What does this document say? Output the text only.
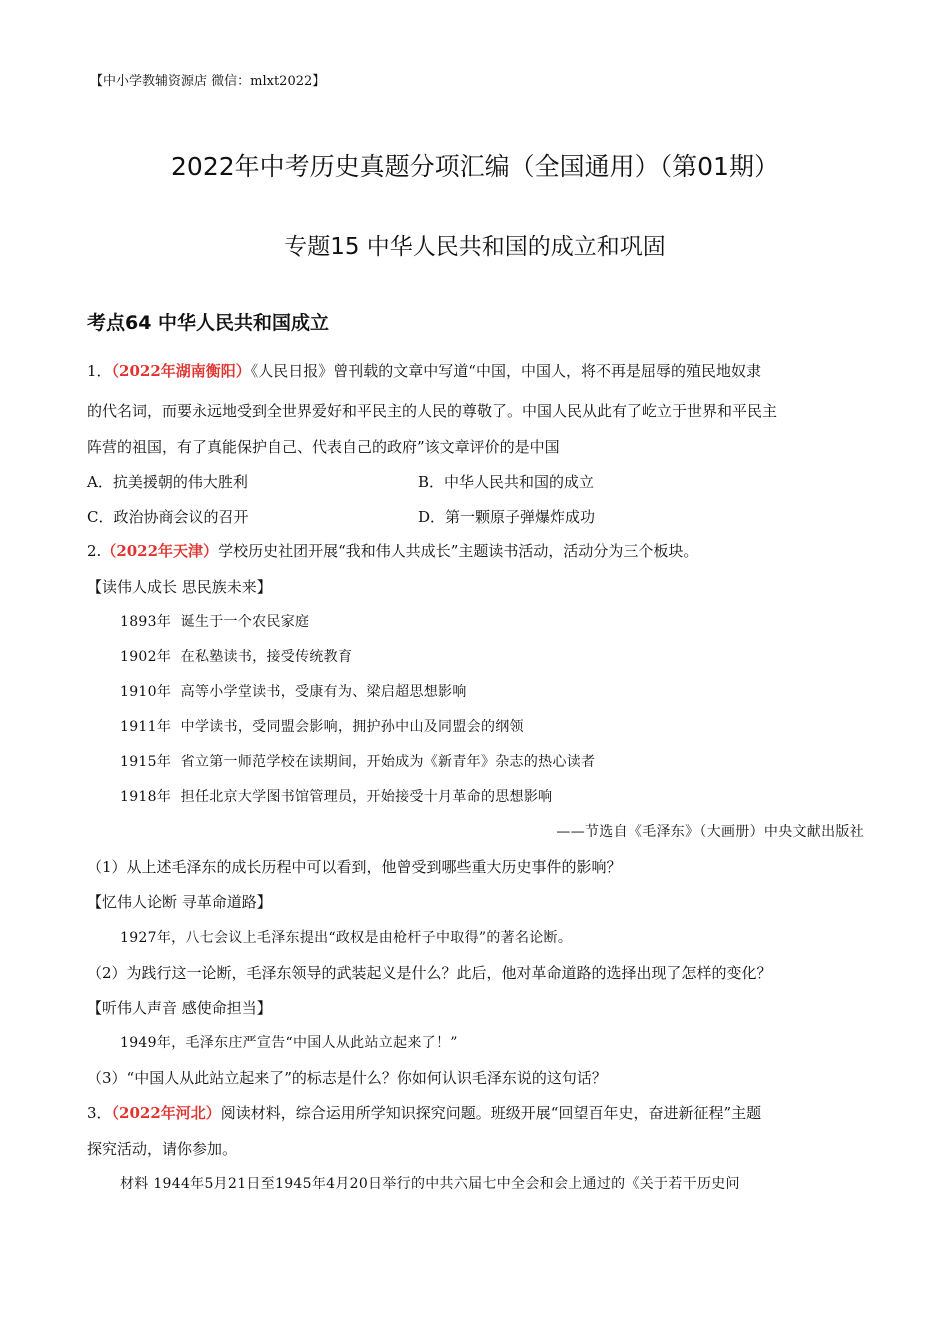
【中小学教辅资源店 微信：mlxt2022】
2022年中考历史真题分项汇编（全国通用）（第01期）
专题15 中华人民共和国的成立和巩固
考点64 中华人民共和国成立
1．（2022年湖南衡阳）《人民日报》曾刊载的文章中写道“中国，中国人，将不再是屈辱的殖民地奴隶
的代名词，而要永远地受到全世界爱好和平民主的人民的尊敬了。中国人民从此有了屹立于世界和平民主
阵营的祖国，有了真能保护自己、代表自己的政府”该文章评价的是中国
A．抗美援朝的伟大胜利	B．中华人民共和国的成立
C．政治协商会议的召开	D．第一颗原子弹爆炸成功
2.（2022年天津）学校历史社团开展“我和伟人共成长”主题读书活动，活动分为三个板块。
【读伟人成长 思民族未来】
1893年 诞生于一个农民家庭
1902年 在私塾读书，接受传统教育
1910年 高等小学堂读书，受康有为、梁启超思想影响
1911年 中学读书，受同盟会影响，拥护孙中山及同盟会的纲领
1915年 省立第一师范学校在读期间，开始成为《新青年》杂志的热心读者
1918年 担任北京大学图书馆管理员，开始接受十月革命的思想影响
——节选自《毛泽东》（大画册）中央文献出版社
（1）从上述毛泽东的成长历程中可以看到，他曾受到哪些重大历史事件的影响？
【忆伟人论断 寻革命道路】
1927年，八七会议上毛泽东提出“政权是由枪杆子中取得”的著名论断。
（2）为践行这一论断，毛泽东领导的武装起义是什么？此后，他对革命道路的选择出现了怎样的变化？
【听伟人声音 感使命担当】
1949年，毛泽东庄严宣告“中国人从此站立起来了！”
（3）“中国人从此站立起来了”的标志是什么？你如何认识毛泽东说的这句话？
3．（2022年河北）阅读材料，综合运用所学知识探究问题。班级开展“回望百年史，奋进新征程”主题
探究活动，请你参加。
材料 1944年5月21日至1945年4月20日举行的中共六届七中全会和会上通过的《关于若干历史问
